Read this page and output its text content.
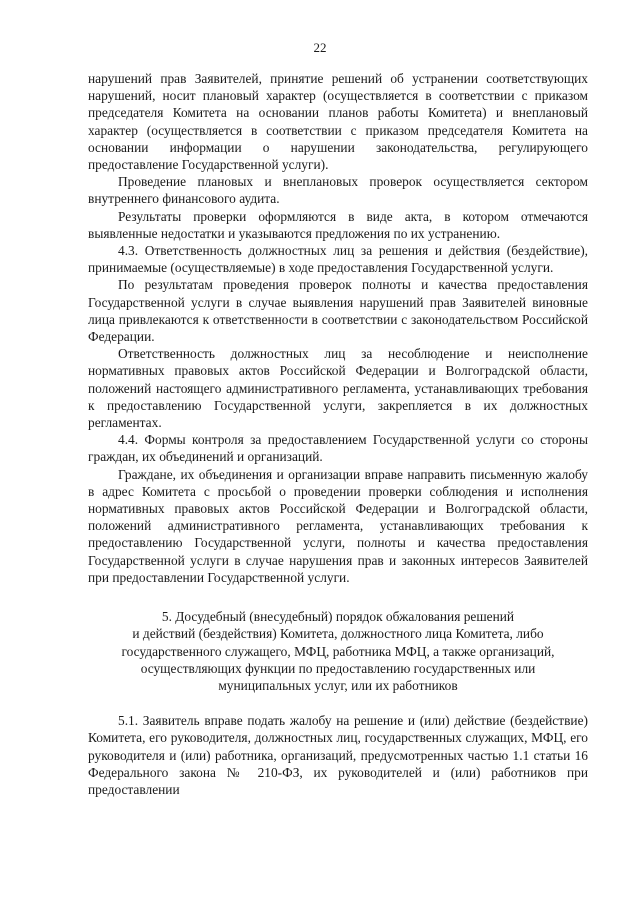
22

нарушений прав Заявителей, принятие решений об устранении соответствующих нарушений, носит плановый характер (осуществляется в соответствии с приказом председателя Комитета на основании планов работы Комитета) и внеплановый характер (осуществляется в соответствии с приказом председателя Комитета на основании информации о нарушении законодательства, регулирующего предоставление Государственной услуги).

Проведение плановых и внеплановых проверок осуществляется сектором внутреннего финансового аудита.

Результаты проверки оформляются в виде акта, в котором отмечаются выявленные недостатки и указываются предложения по их устранению.

4.3. Ответственность должностных лиц за решения и действия (бездействие), принимаемые (осуществляемые) в ходе предоставления Государственной услуги.

По результатам проведения проверок полноты и качества предоставления Государственной услуги в случае выявления нарушений прав Заявителей виновные лица привлекаются к ответственности в соответствии с законодательством Российской Федерации.

Ответственность должностных лиц за несоблюдение и неисполнение нормативных правовых актов Российской Федерации и Волгоградской области, положений настоящего административного регламента, устанавливающих требования к предоставлению Государственной услуги, закрепляется в их должностных регламентах.

4.4. Формы контроля за предоставлением Государственной услуги со стороны граждан, их объединений и организаций.

Граждане, их объединения и организации вправе направить письменную жалобу в адрес Комитета с просьбой о проведении проверки соблюдения и исполнения нормативных правовых актов Российской Федерации и Волгоградской области, положений административного регламента, устанавливающих требования к предоставлению Государственной услуги, полноты и качества предоставления Государственной услуги в случае нарушения прав и законных интересов Заявителей при предоставлении Государственной услуги.

5. Досудебный (внесудебный) порядок обжалования решений
и действий (бездействия) Комитета, должностного лица Комитета, либо
государственного служащего, МФЦ, работника МФЦ, а также организаций,
осуществляющих функции по предоставлению государственных или
муниципальных услуг, или их работников

5.1. Заявитель вправе подать жалобу на решение и (или) действие (бездействие) Комитета, его руководителя, должностных лиц, государственных служащих, МФЦ, его руководителя и (или) работника, организаций, предусмотренных частью 1.1 статьи 16 Федерального закона № 210-ФЗ, их руководителей и (или) работников при предоставлении
